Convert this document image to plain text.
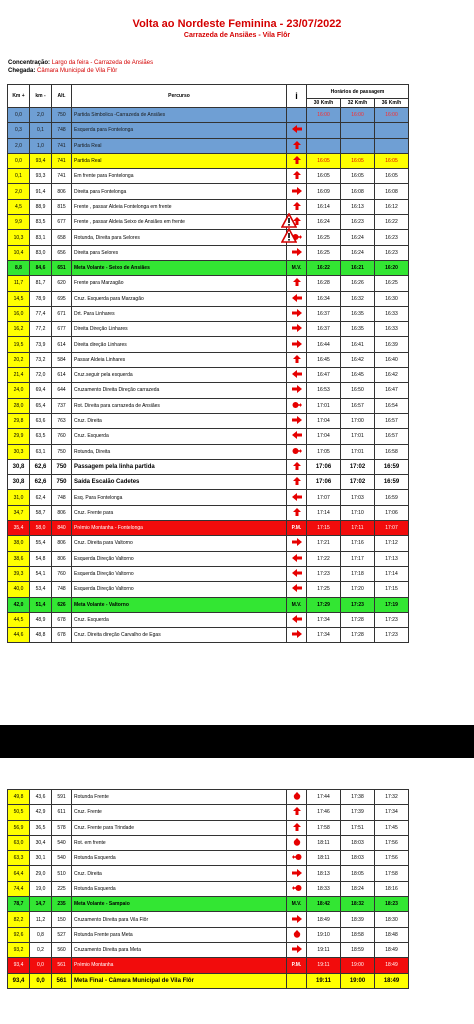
Volta ao Nordeste Feminina - 23/07/2022
Carrazeda de Ansiães - Vila Flôr
Concentração: Largo da feira - Carrazeda de Ansiães
Chegada: Câmara Municipal de Vila Flôr
Km +	km -	Alt.	Percurso	i	Horários de passagem		
					30 Km/h	32 Km/h	36 Km/h
0,0	2,0	750	Partida Simbolica -Carrazeda de Ansiães		16:00	16:00	16:00
0,3	0,1	748	Esquerda para Fontelonga				
2,0	1,0	741	Partida Real				
0,0	93,4	741	Partida Real		16:05	16:05	16:05
0,1	93,3	741	Em frente para Fontelonga		16:05	16:05	16:05
2,0	91,4	806	Direita para Fontelonga		16:09	16:08	16:08
4,5	88,9	815	Frente , passar Aldeia Fontelonga em frente		16:14	16:13	16:12
9,9	83,5	677	Frente , passar Aldeia Seixo de Ansiães em frente		16:24	16:23	16:22
10,3	83,1	658	Rotunda, Direita para Selores		16:25	16:24	16:23
10,4	83,0	656	Direita para Selores		16:25	16:24	16:23
8,8	84,6	651	Meta Volante - Seixo de Ansiães	M.V.	16:22	16:21	16:20
11,7	81,7	620	Frente para Marzagão		16:28	16:26	16:25
14,5	78,9	695	Cruz. Esquerda para Marzagão		16:34	16:32	16:30
16,0	77,4	671	Drt. Para Linhares		16:37	16:35	16:33
16,2	77,2	677	Direita Direção Linhares		16:37	16:35	16:33
19,5	73,9	614	Direita direção Linhares		16:44	16:41	16:39
20,2	73,2	584	Passar Aldeia Linhares		16:45	16:42	16:40
21,4	72,0	614	Cruz.seguir pela esquerda		16:47	16:45	16:42
24,0	69,4	644	Cruzamento Direita Direção carrazeda		16:53	16:50	16:47
28,0	65,4	737	Rot. Direita para carrazeda de Ansiães		17:01	16:57	16:54
29,8	63,6	763	Cruz. Direita		17:04	17:00	16:57
29,9	63,5	760	Cruz. Esquerda		17:04	17:01	16:57
30,3	63,1	750	Rotunda, Direita		17:05	17:01	16:58
30,8	62,6	750	Passagem pela linha partida		17:06	17:02	16:59
30,8	62,6	750	Saída Escalão Cadetes		17:06	17:02	16:59
31,0	62,4	748	Esq. Para Fontelonga		17:07	17:03	16:59
34,7	58,7	806	Cruz. Frente para		17:14	17:10	17:06
35,4	58,0	840	Prémio Montanha - Fontelonga	P.M.	17:15	17:11	17:07
38,0	55,4	806	Cruz. Direita para Valtorno		17:21	17:16	17:12
38,6	54,8	806	Esquerda Direção Valtorno		17:22	17:17	17:13
39,3	54,1	760	Esquerda Direção Valtorno		17:23	17:18	17:14
40,0	53,4	748	Esquerda Direção Valtorno		17:25	17:20	17:15
42,0	51,4	626	Meta Volante - Valtorno	M.V.	17:29	17:23	17:19
44,5	48,9	678	Cruz. Esquerda		17:34	17:28	17:23
44,6	48,8	678	Cruz. Direita direção Carvalho de Egas		17:34	17:28	17:23
49,8	43,6	591	Rotunda Frente		17:44	17:38	17:32
50,5	42,9	611	Cruz. Frente		17:46	17:39	17:34
56,9	36,5	578	Cruz. Frente para Trindade		17:58	17:51	17:45
63,0	30,4	540	Rot. em frente		18:11	18:03	17:56
63,3	30,1	540	Rotunda Esquerda		18:11	18:03	17:56
64,4	29,0	510	Cruz. Direita		18:13	18:05	17:58
74,4	19,0	225	Rotunda Esquerda		18:33	18:24	18:16
78,7	14,7	235	Meta Volante - Sampaio	M.V.	18:42	18:32	18:23
82,2	11,2	150	Cruzamento Direita para Vila Flôr		18:49	18:39	18:30
92,6	0,8	527	Rotunda Frente para Meta		19:10	18:58	18:48
93,2	0,2	560	Cruzamento Direita para Meta		19:11	18:59	18:49
93,4	0,0	561	Prémio Montanha	P.M.	19:11	19:00	18:49
93,4	0,0	561	Meta Final - Câmara Municipal de Vila Flôr		19:11	19:00	18:49
